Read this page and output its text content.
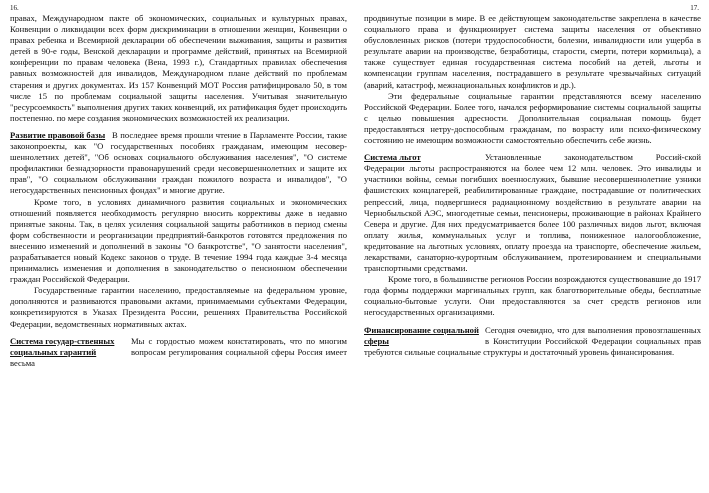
16.

правах, Международном пакте об экономических, социальных и культурных правах, Конвенции о ликвидации всех форм дискриминации в отношении женщин, Конвенции о правах ребенка и Всемирной декларации об обеспечении выживания, защиты и развития детей в 90-е годы, Венской декларации и программе действий, принятых на Всемирной конференции по правам человека (Вена, 1993 г.), Стандартных правилах обеспечения равных возможностей для инвалидов, Международном плане действий по проблемам старения и других документах. Из 157 Конвенций МОТ Россия ратифицировало 50, в том числе 15 по проблемам социальной защиты населения. Учитывая значительную "ресурсоемкость" выполнения других таких конвенций, их ратификация будет происходить постепенно. по мере создания экономических возможностей их реализации.

Развитие правовой базы В последнее время прошли чтение в Парламенте России, такие законопроекты, как "О государственных пособиях гражданам, имеющим несовер-шеннолетних детей", "Об основах социального обслуживания населения", "О системе профилактики безнадзорности правонарушений среди несовершеннолетних и защите их прав", "О социальном обслуживании граждан пожилого возраста и инвалидов", "О негосударственных пенсионных фондах" и многие другие.

Кроме того, в условиях динамичного развития социальных и экономических отношений появляется необходимость регулярно вносить коррективы даже в недавно принятые законы. Так, в целях усиления социальной защиты работников в период смены форм собственности и реорганизации предприятий-банкротов готовятся предложения по внесению изменений и дополнений в законы "О банкротстве", "О занятости населения", разрабатывается новый Кодекс законов о труде. В течение 1994 года каждые 3-4 месяца принимались изменения и дополнения в законодательство о пенсионном обеспечении граждан Российской Федерации.

Государственные гарантии населению, предоставляемые на федеральном уровне, дополняются и развиваются правовыми актами, принимаемыми субъектами Федерации, конкретизируются в Указах Президента России, решениях Правительства Российской Федерации, ведомственных нормативных актах.

Система государ-ственных социальных гарантий

Мы с гордостью можем констатировать, что по многим вопросам регулирования социальной сферы Россия имеет весьма

17.

продвинутые позиции в мире. В ее действующем законодательстве закреплена в качестве социального права и функционирует система защиты населения от объективно обусловленных рисков (потери трудоспособности, болезни, инвалидности или ущерба в результате аварии на производстве, безработицы, старости, смерти, потери кормильца), а также существует единая государственная система пособий на детей, льготы и компенсации группам населения, пострадавшего в результате чрезвычайных ситуаций (аварий, катастроф, межнациональных конфликтов и др.).

Эти федеральные социальные гарантии представляются всему населению Российской Федерации. Более того, начался реформирование системы социальной защиты с целью повышения адресности. Дополнительная социальная помощь будет предоставляться нетру-доспособным гражданам, по возрасту или психо-физическому состоянию не имеющим возможности самостоятельно обеспечить себе жизнь.

Система льгот	Установленные законодательством Россий-ской Федерации льготы распространяются на более чем 12 млн. человек. Это инвалиды и участники войны, семьи погибших военнослужих, бывшие несовершеннолетние узники фашистских концлагерей, реабилитированные граждане, пострадавшие от политических репрессий, лица, подвергшиеся радиационному воздействию в результате аварии на Чернобыльской АЭС, многодетные семьи, пенсионеры, проживающие в районах Крайнего Севера и другие. Для них предусматривается более 100 различных видов льгот, включая оплату жилья, коммунальных услуг и топлива, пониженное налогообложение, кредитование на льготных условиях, оплату проезда на транспорте, обеспечение жильем, лекарствами, санаторно-курортным обслуживанием, протезированием и специальными транспортными средствами.

Кроме того, в большинстве регионов России возрождаются существовавшие до 1917 года формы поддержки маргинальных групп, как благотворительные обеды, бесплатные социально-бытовые услуги. Они предоставляются за счет средств регионов или негосударственных организациями.

Финансирование социальной сферы

Сегодня очевидно, что для выполнения провозглашенных в Конституции Российской Федерации социальных прав требуются сильные социальные структуры и достаточный уровень финансирования.
